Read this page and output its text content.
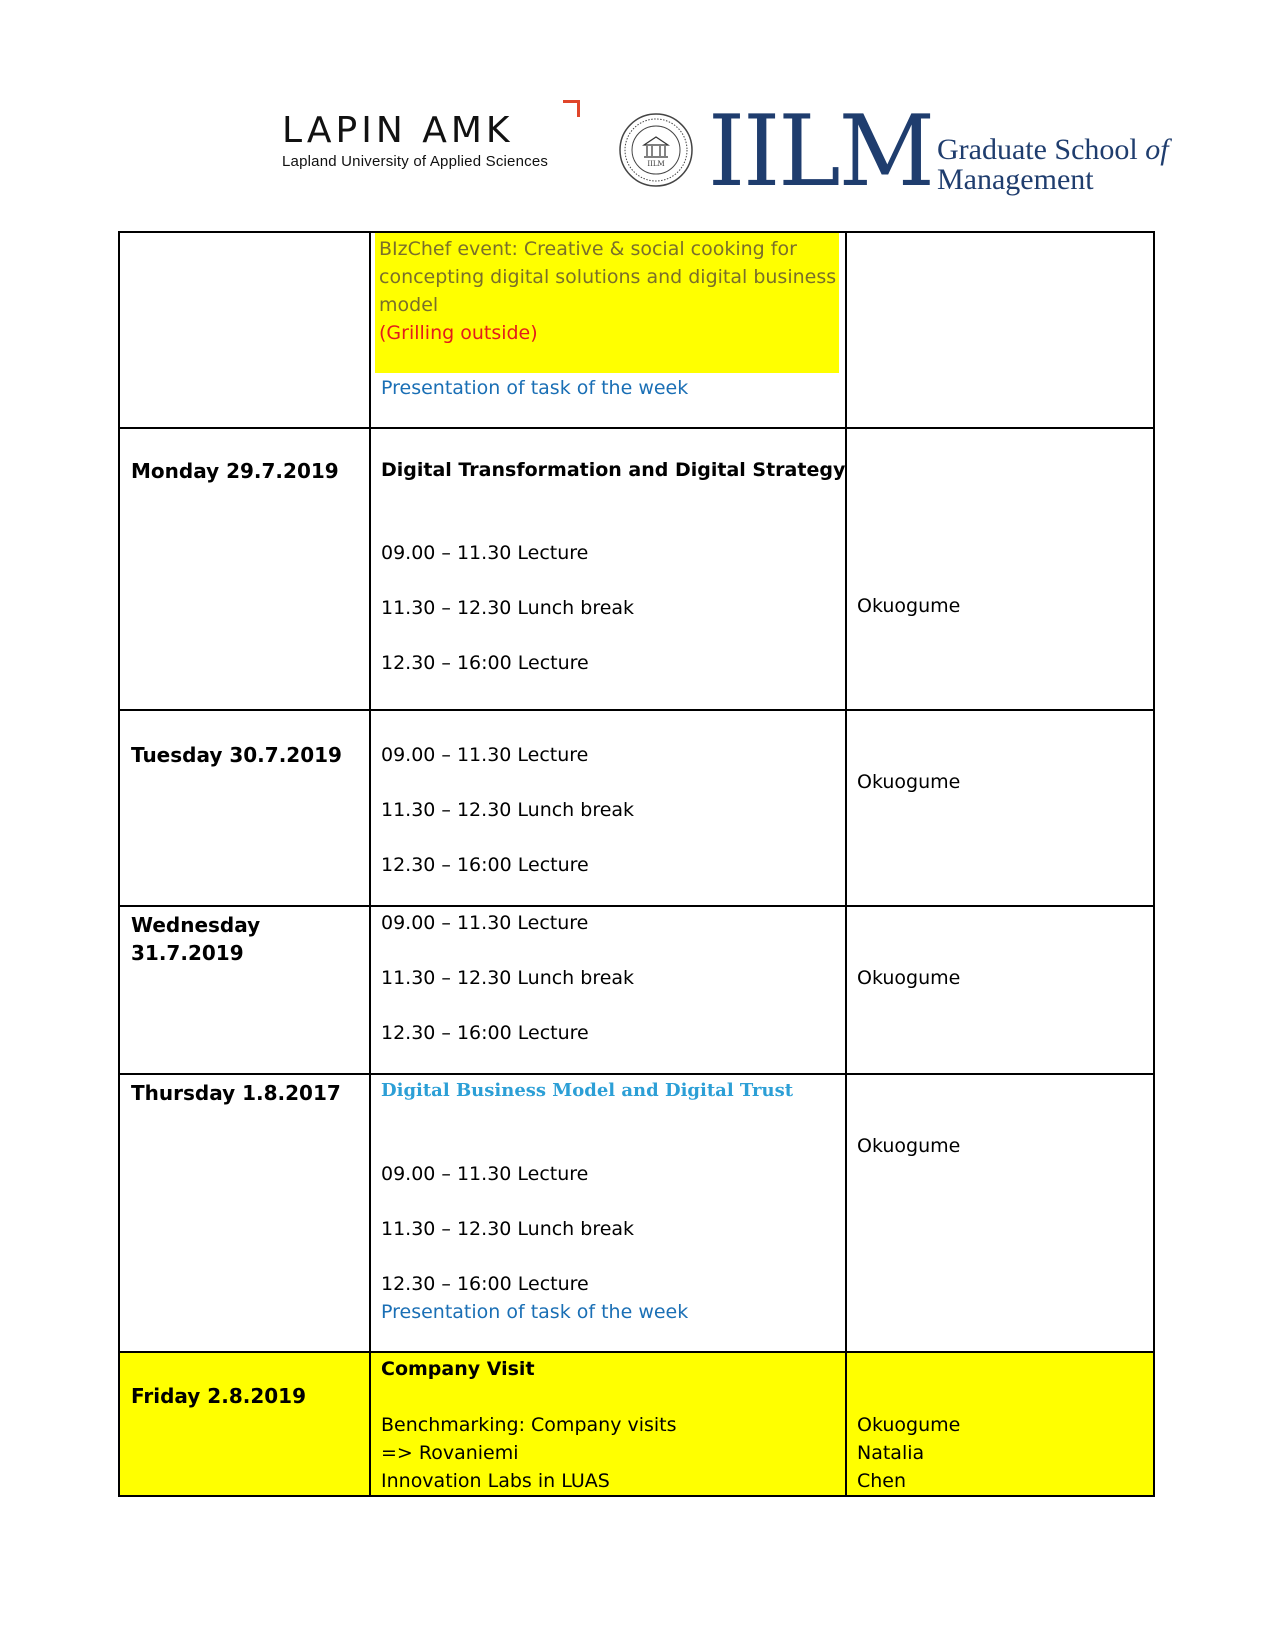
LAPIN AMK
Lapland University of Applied Sciences	IILM IILM Graduate School of
Management

	BIzChef event: Creative & social cooking for
concepting digital solutions and digital business
model
(Grilling outside)
Presentation of task of the week	

Monday 29.7.2019	Digital Transformation and Digital Strategy
09.00 – 11.30 Lecture
11.30 – 12.30 Lunch break
12.30 – 16:00 Lecture	Okuogume

Tuesday 30.7.2019	09.00 – 11.30 Lecture
11.30 – 12.30 Lunch break
12.30 – 16:00 Lecture	Okuogume

Wednesday
31.7.2019	09.00 – 11.30 Lecture
11.30 – 12.30 Lunch break
12.30 – 16:00 Lecture	Okuogume

Thursday 1.8.2017	Digital Business Model and Digital Trust
09.00 – 11.30 Lecture
11.30 – 12.30 Lunch break
12.30 – 16:00 Lecture
Presentation of task of the week	Okuogume

Friday 2.8.2019	Company Visit
Benchmarking: Company visits
=> Rovaniemi
Innovation Labs in LUAS	Okuogume
Natalia
Chen
